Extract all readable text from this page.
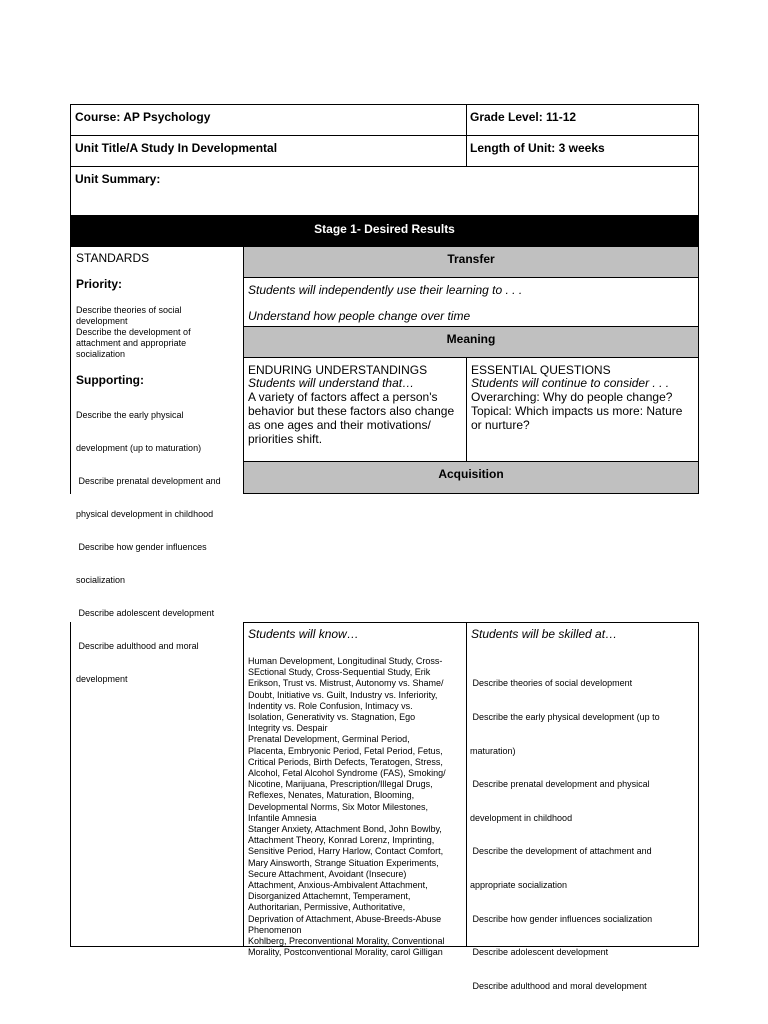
Course: AP Psychology	Grade Level: 11-12
Unit Title/A Study In Developmental	Length of Unit: 3 weeks
Unit Summary:
Stage 1- Desired Results
STANDARDS
Priority:
Describe theories of social
development
Describe the development of
attachment and appropriate
socialization
Supporting:

Describe the early physical

development (up to maturation)

Describe prenatal development and

physical development in childhood

Describe how gender influences

socialization

Describe adolescent development

Describe adulthood and moral

development

Transfer
Students will independently use their learning to . . .
Understand how people change over time
Meaning
ENDURING UNDERSTANDINGS
Students will understand that…
A variety of factors affect a person's behavior but these factors also change as one ages and their motivations/ priorities shift.
ESSENTIAL QUESTIONS
Students will continue to consider . . .
Overarching: Why do people change?
Topical: Which impacts us more: Nature or nurture?
Acquisition
Students will know…
Human Development, Longitudinal Study, Cross-
SEctional Study, Cross-Sequential Study, Erik
Erikson, Trust vs. Mistrust, Autonomy vs. Shame/
Doubt, Initiative vs. Guilt, Industry vs. Inferiority,
Indentity vs. Role Confusion, Intimacy vs.
Isolation, Generativity vs. Stagnation, Ego
Integrity vs. Despair
Prenatal Development, Germinal Period,
Placenta, Embryonic Period, Fetal Period, Fetus,
Critical Periods, Birth Defects, Teratogen, Stress,
Alcohol, Fetal Alcohol Syndrome (FAS), Smoking/
Nicotine, Marijuana, Prescription/Illegal Drugs,
Reflexes, Nenates, Maturation, Blooming,
Developmental Norms, Six Motor Milestones,
Infantile Amnesia
Stanger Anxiety, Attachment Bond, John Bowlby,
Attachment Theory, Konrad Lorenz, Imprinting,
Sensitive Period, Harry Harlow, Contact Comfort,
Mary Ainsworth, Strange Situation Experiments,
Secure Attachment, Avoidant (Insecure)
Attachment, Anxious-Ambivalent Attachment,
Disorganized Attachemnt, Temperament,
Authoritarian, Permissive, Authoritative,
Deprivation of Attachment, Abuse-Breeds-Abuse
Phenomenon
Kohlberg, Preconventional Morality, Conventional
Morality, Postconventional Morality, carol Gilligan
Students will be skilled at…

Describe theories of social development

Describe the early physical development (up to

maturation)

Describe prenatal development and physical

development in childhood

Describe the development of attachment and

appropriate socialization

Describe how gender influences socialization

Describe adolescent development

Describe adulthood and moral development
